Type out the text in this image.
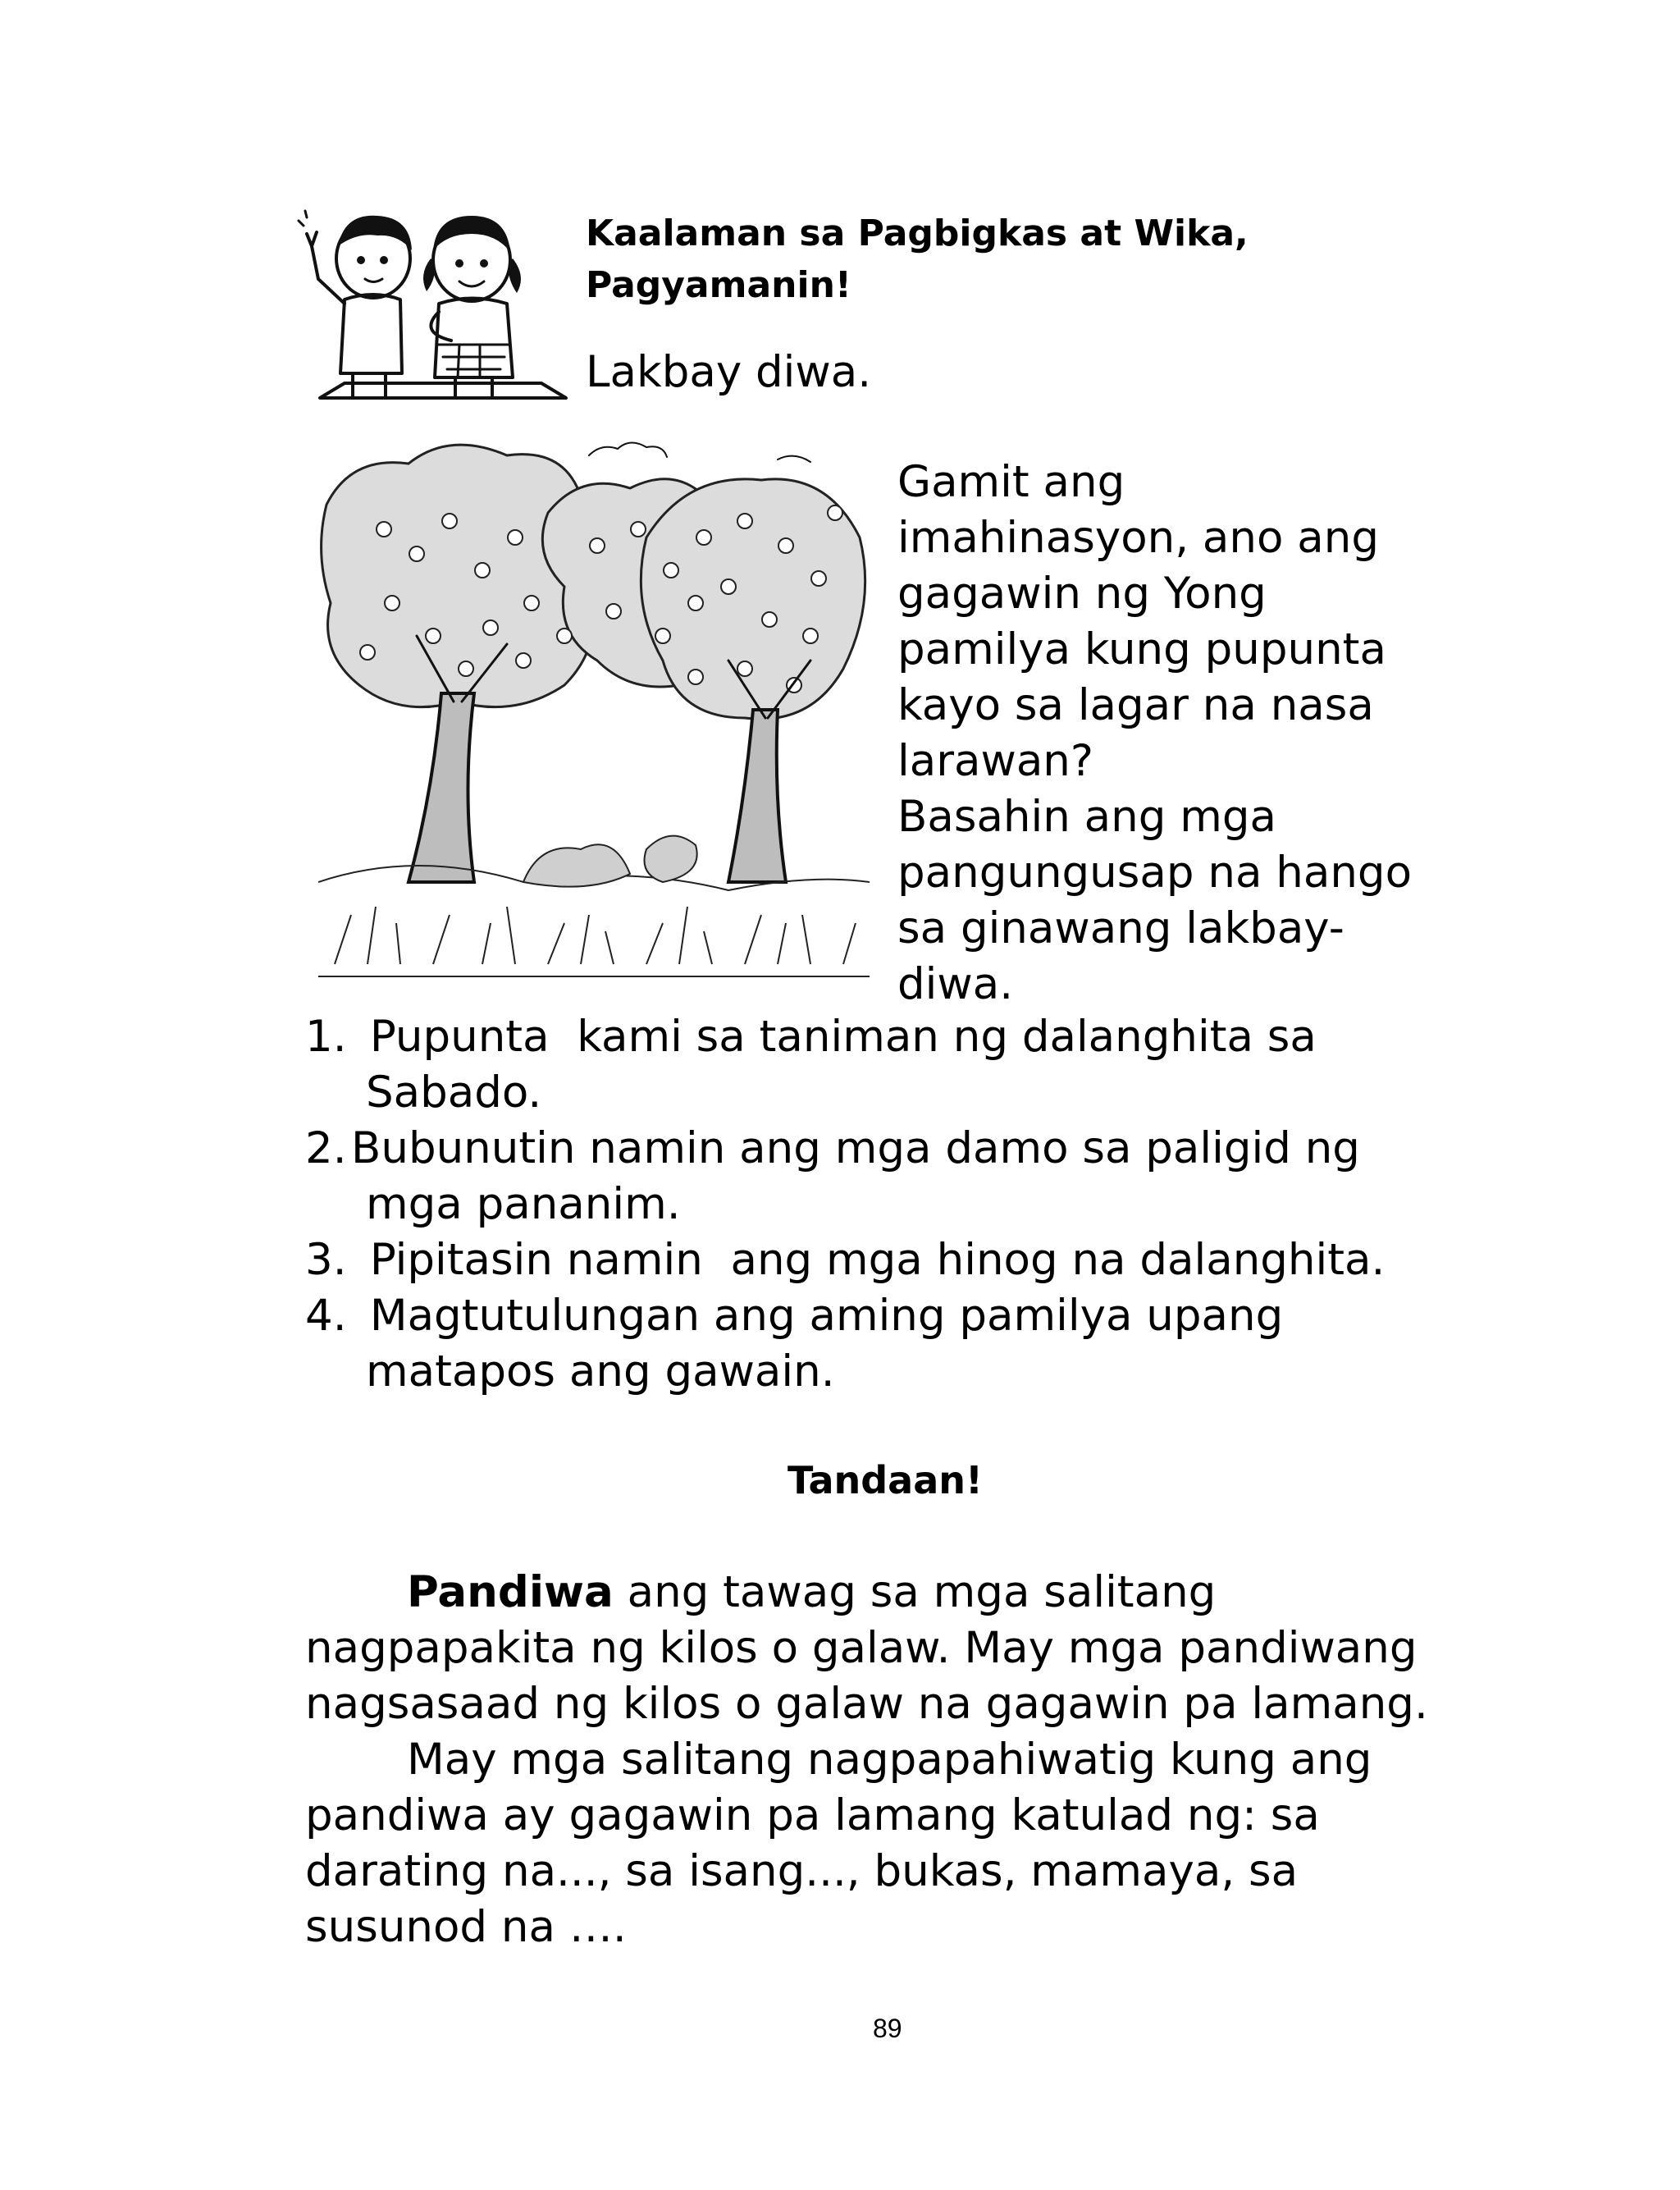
Kaalaman sa Pagbigkas at Wika,
Pagyamanin!
Lakbay diwa.
Gamit ang
imahinasyon, ano ang
gagawin ng Yong
pamilya kung pupunta
kayo sa lagar na nasa
larawan?
Basahin ang mga
pangungusap na hango
sa ginawang lakbay-
diwa.
1. Pupunta  kami sa taniman ng dalanghita sa
Sabado.
2. Bubunutin namin ang mga damo sa paligid ng
mga pananim.
3. Pipitasin namin  ang mga hinog na dalanghita.
4. Magtutulungan ang aming pamilya upang
matapos ang gawain.
Tandaan!
Pandiwa ang tawag sa mga salitang
nagpapakita ng kilos o galaw. May mga pandiwang
nagsasaad ng kilos o galaw na gagawin pa lamang.
May mga salitang nagpapahiwatig kung ang
pandiwa ay gagawin pa lamang katulad ng: sa
darating na..., sa isang..., bukas, mamaya, sa
susunod na ….
89
